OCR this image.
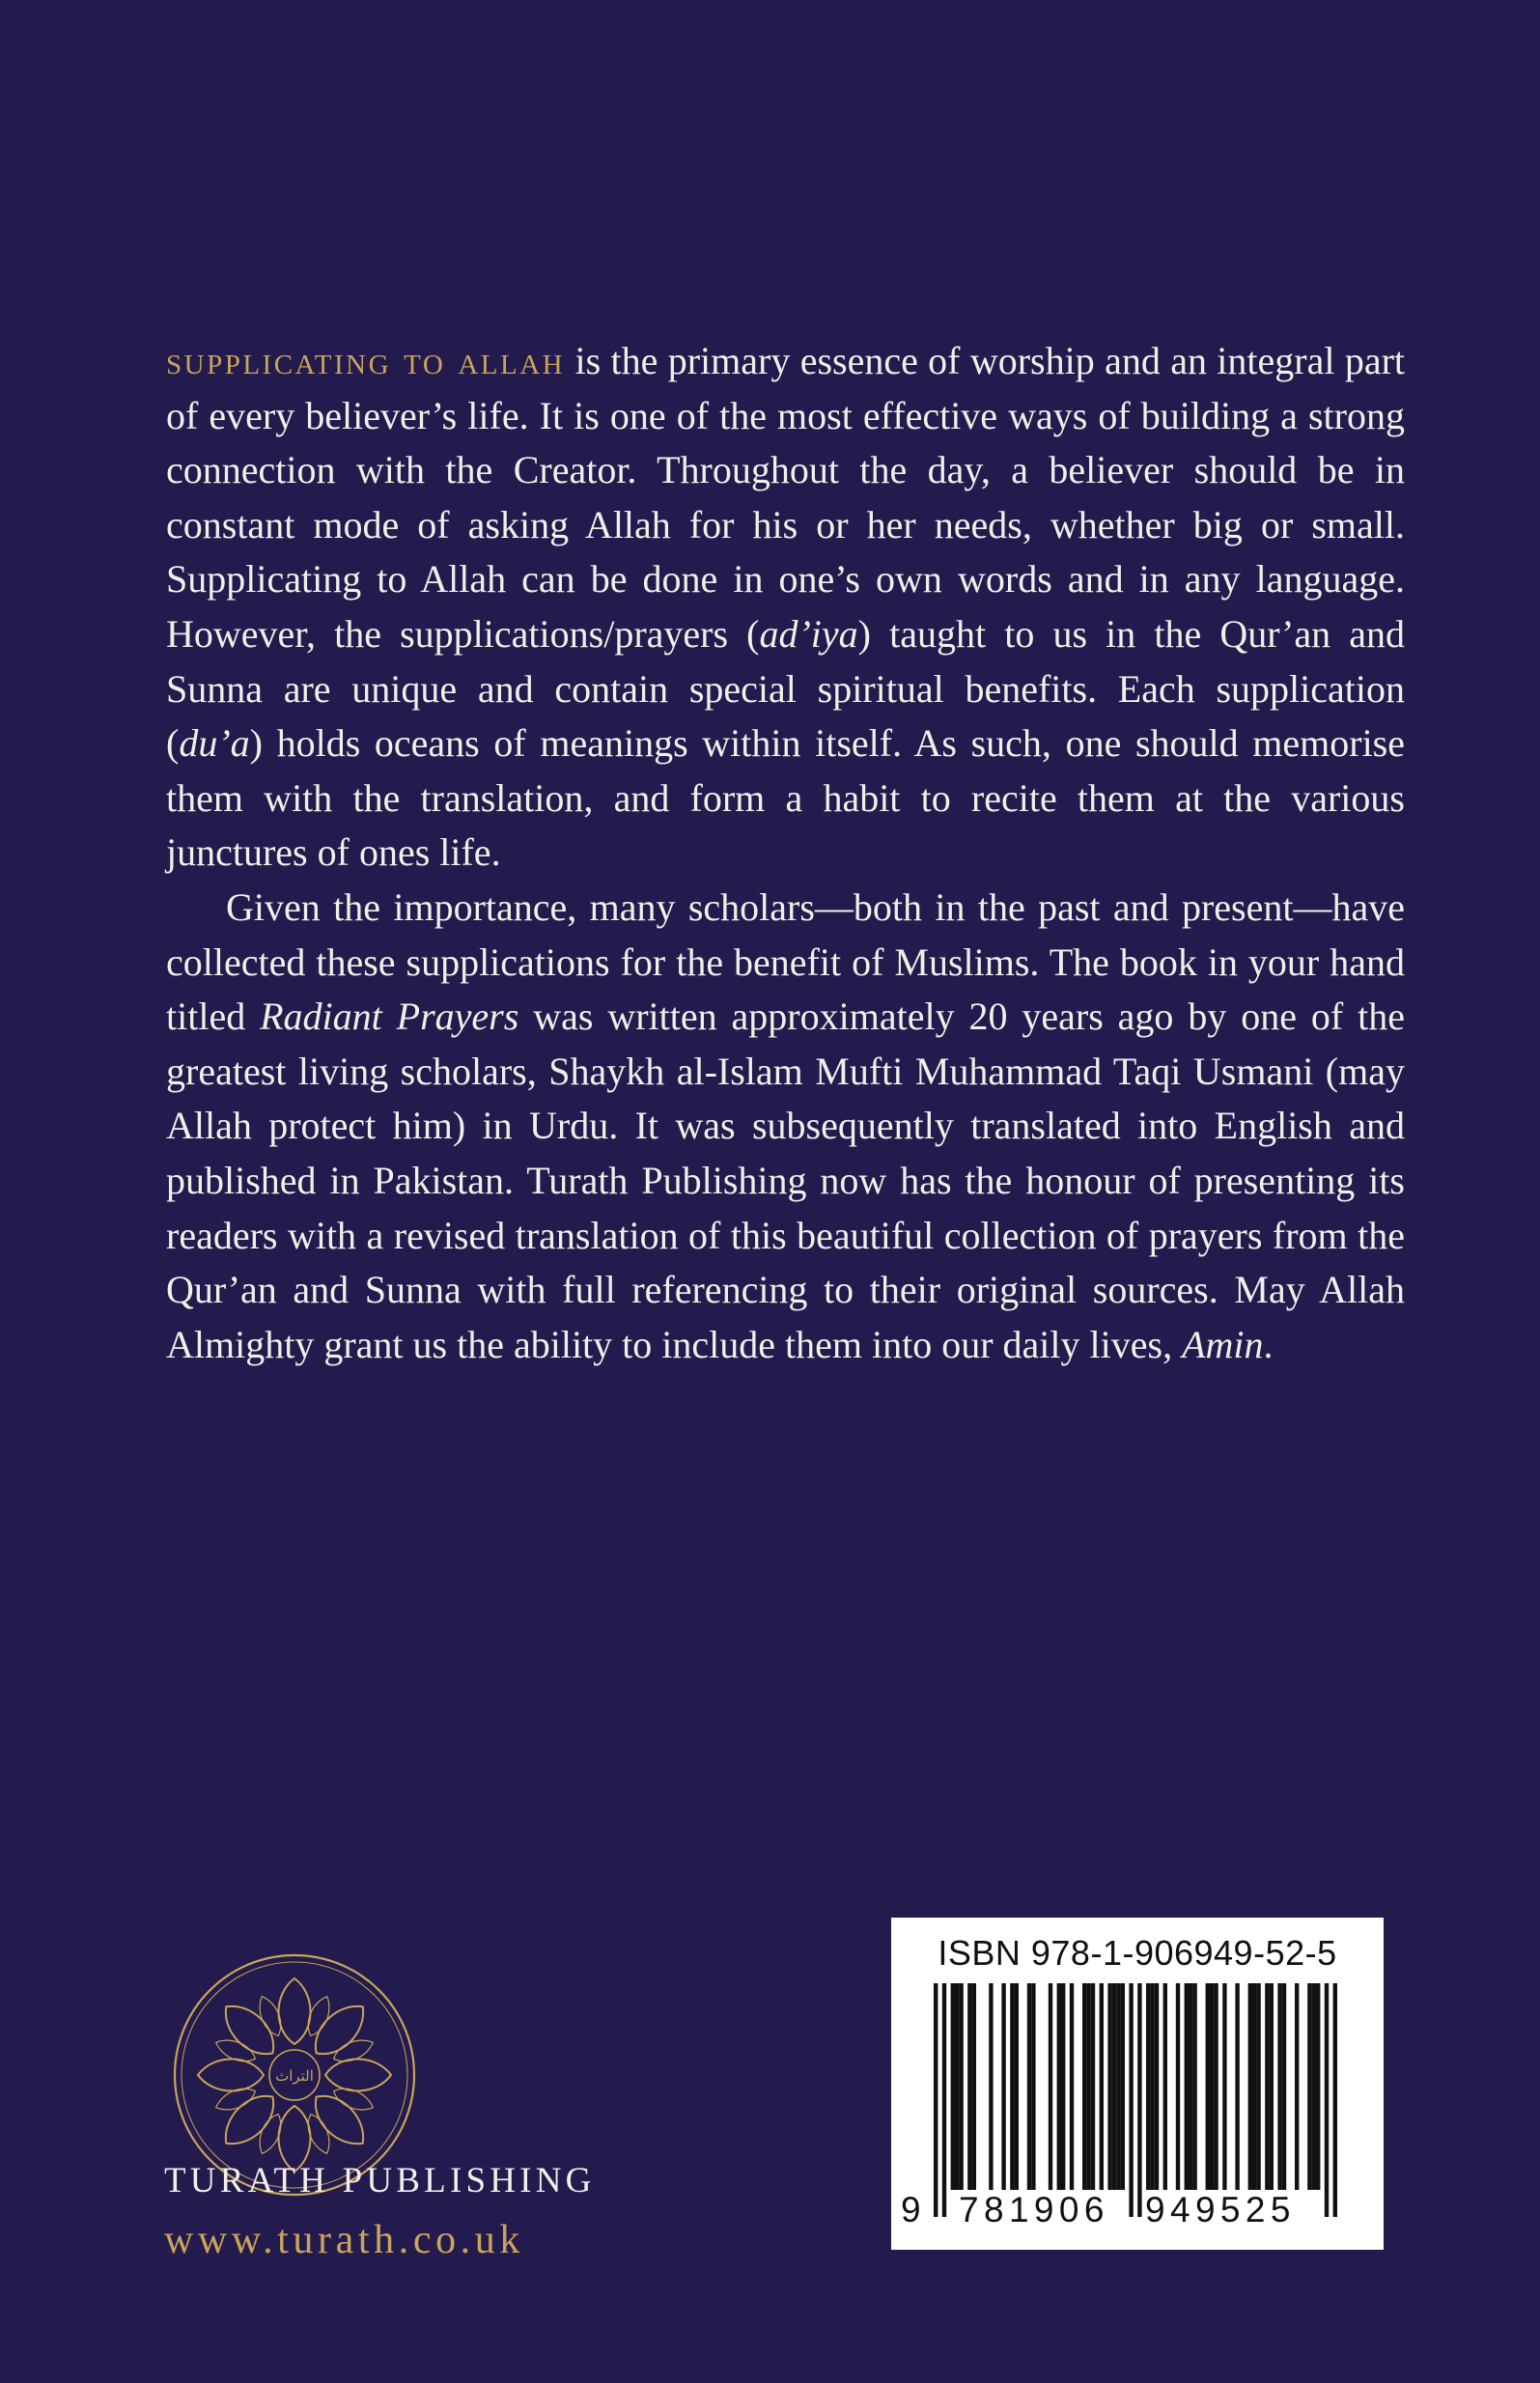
supplicating to allah is the primary essence of worship and an integral part of every believer’s life. It is one of the most effective ways of building a strong connection with the Creator. Throughout the day, a believer should be in constant mode of asking Allah for his or her needs, whether big or small. Supplicating to Allah can be done in one’s own words and in any language. However, the supplications/prayers (ad’iya) taught to us in the Qur’an and Sunna are unique and contain special spiritual benefits. Each supplication (du’a) holds oceans of meanings within itself. As such, one should memorise them with the translation, and form a habit to recite them at the various junctures of ones life.

Given the importance, many scholars—both in the past and present—have collected these supplications for the benefit of Muslims. The book in your hand titled Radiant Prayers was written approximately 20 years ago by one of the greatest living scholars, Shaykh al-Islam Mufti Muhammad Taqi Usmani (may Allah protect him) in Urdu. It was subsequently translated into English and published in Pakistan. Turath Publishing now has the honour of presenting its readers with a revised translation of this beautiful collection of prayers from the Qur’an and Sunna with full referencing to their original sources. May Allah Almighty grant us the ability to include them into our daily lives, Amin.

التراث
TURATH PUBLISHING
www.turath.co.uk
ISBN 978-1-906949-52-5
9 781906 949525
